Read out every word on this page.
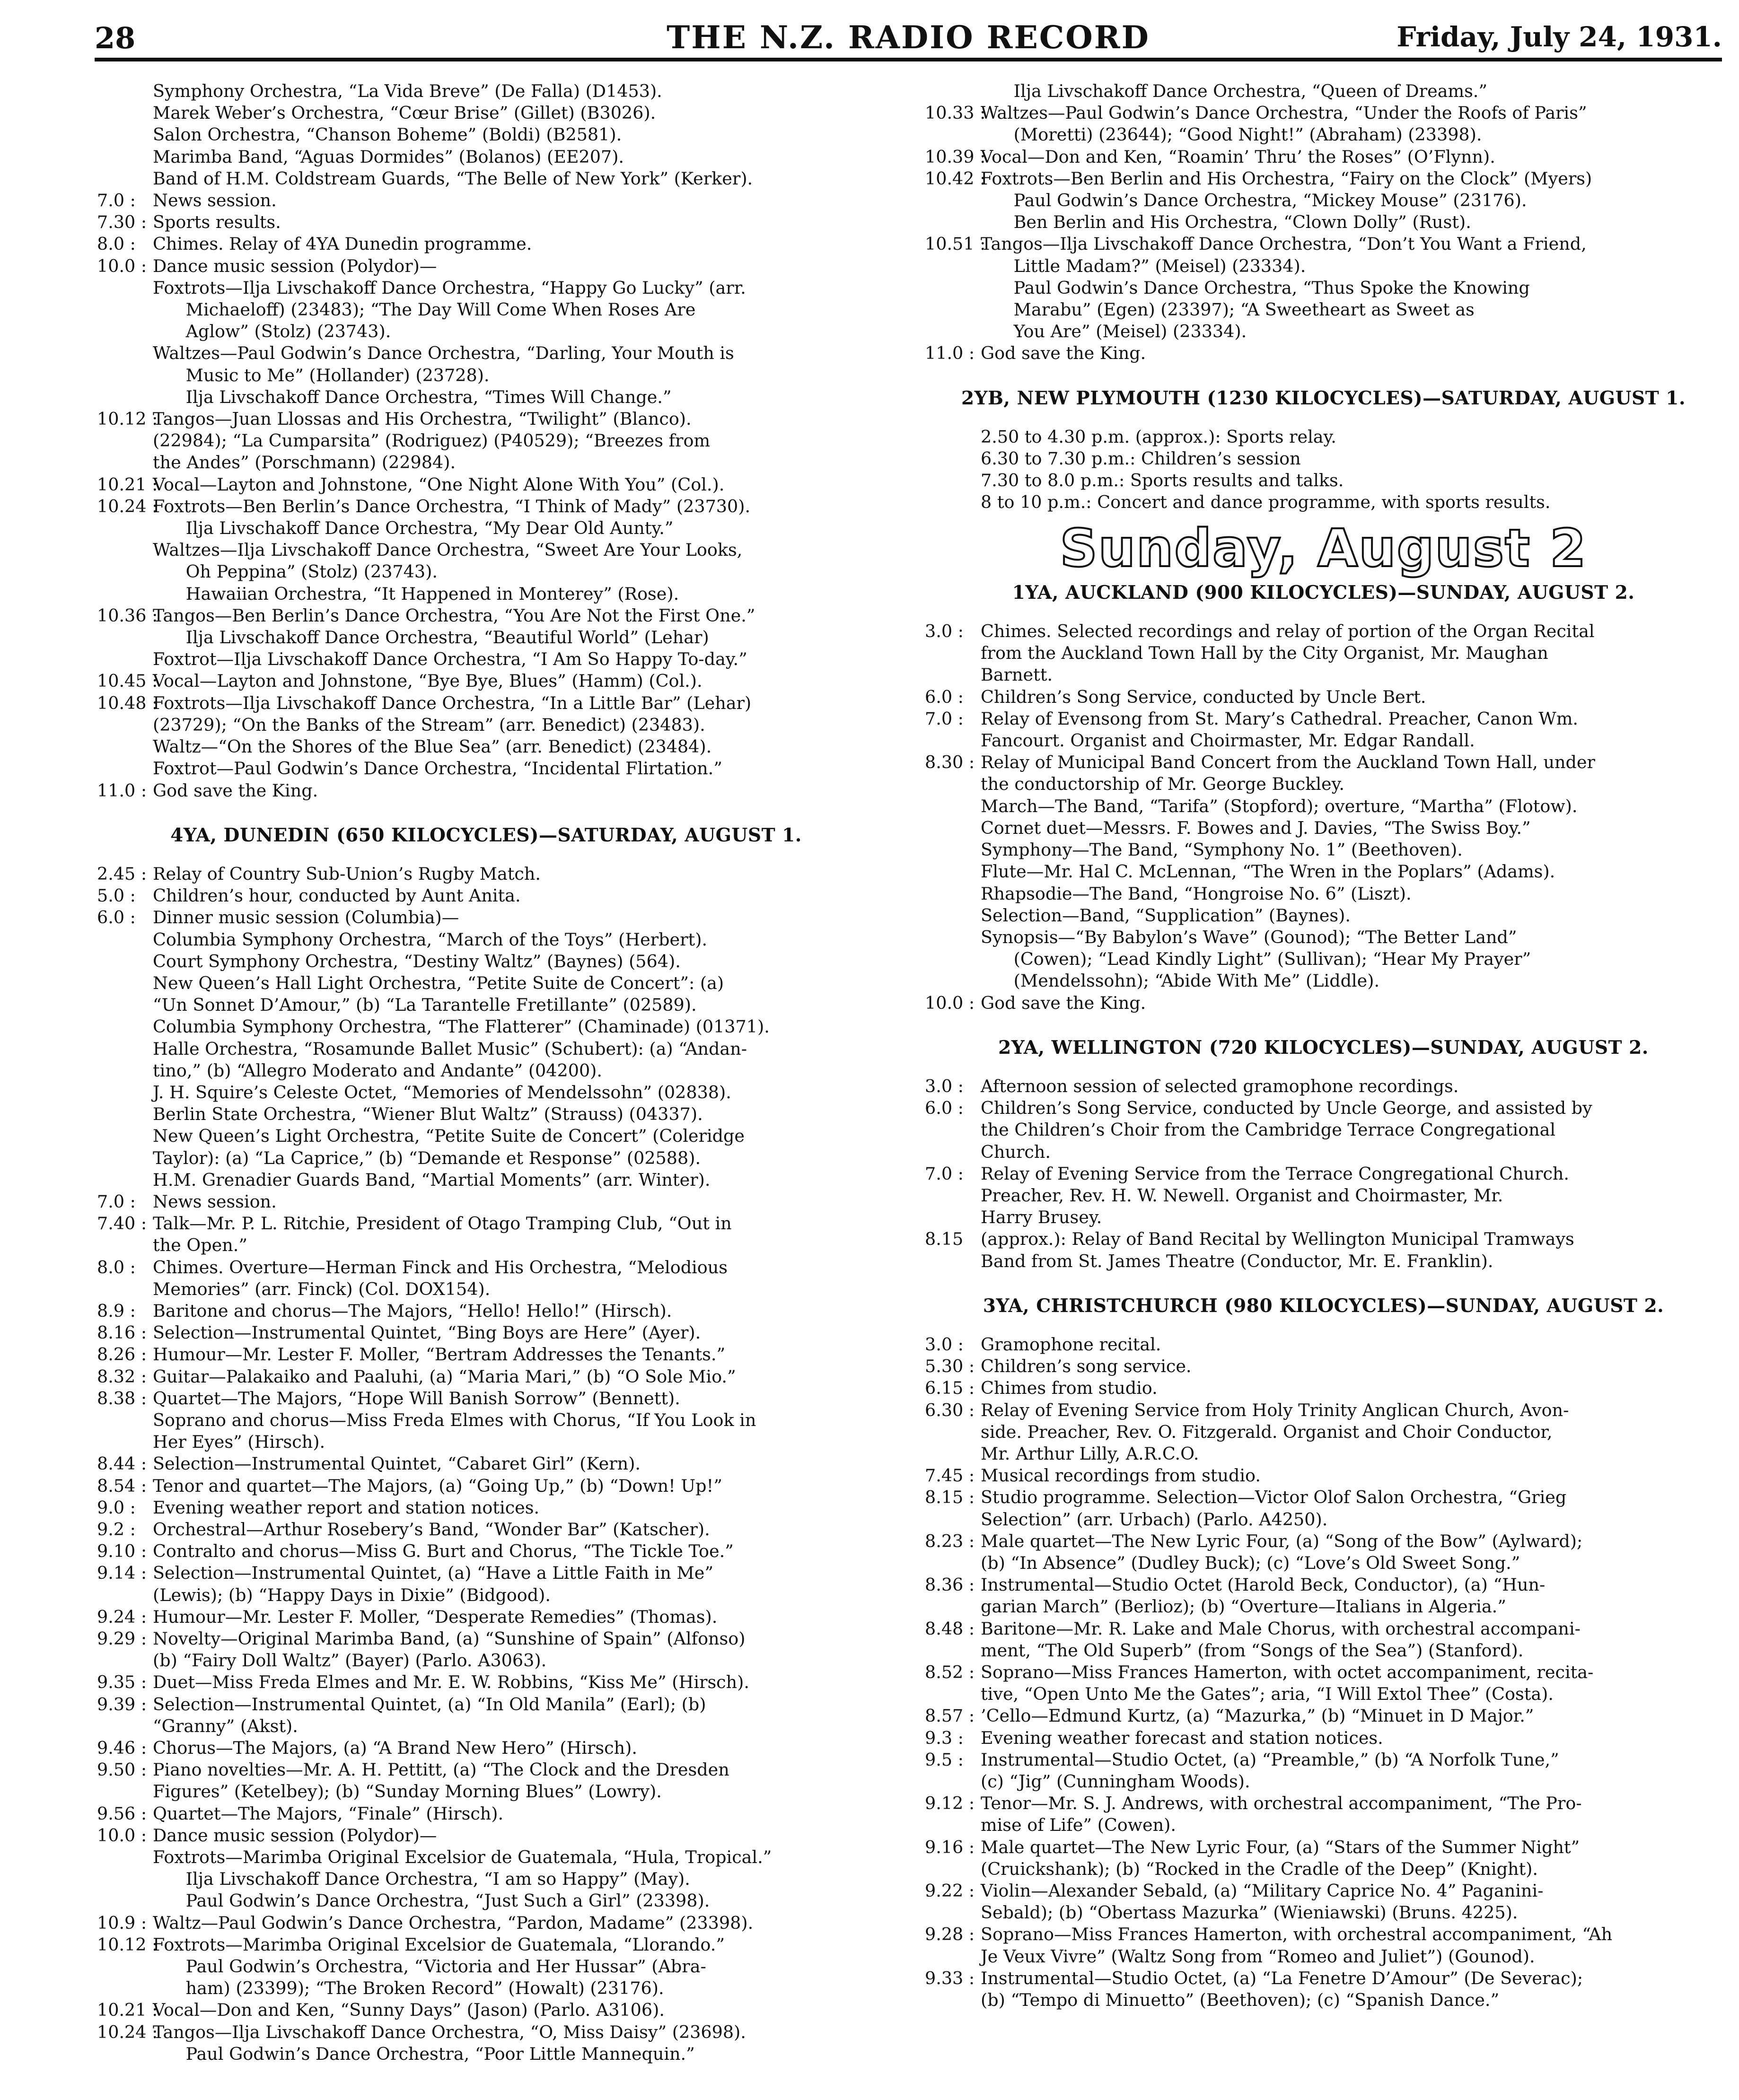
28	THE N.Z. RADIO RECORD	Friday, July 24, 1931.
Symphony Orchestra, “La Vida Breve” (De Falla) (D1453).
Marek Weber’s Orchestra, “Cœur Brise” (Gillet) (B3026).
Salon Orchestra, “Chanson Boheme” (Boldi) (B2581).
Marimba Band, “Aguas Dormides” (Bolanos) (EE207).
Band of H.M. Coldstream Guards, “The Belle of New York” (Kerker).
7.0 : News session.
7.30 : Sports results.
8.0 : Chimes. Relay of 4YA Dunedin programme.
10.0 : Dance music session (Polydor)—
Foxtrots—Ilja Livschakoff Dance Orchestra, “Happy Go Lucky” (arr.
Michaeloff) (23483); “The Day Will Come When Roses Are
Aglow” (Stolz) (23743).
Waltzes—Paul Godwin’s Dance Orchestra, “Darling, Your Mouth is
Music to Me” (Hollander) (23728).
Ilja Livschakoff Dance Orchestra, “Times Will Change.”
10.12 :
Tangos—Juan Llossas and His Orchestra, “Twilight” (Blanco).
(22984); “La Cumparsita” (Rodriguez) (P40529); “Breezes from
the Andes” (Porschmann) (22984).
10.21 :
Vocal—Layton and Johnstone, “One Night Alone With You” (Col.).
10.24 :
Foxtrots—Ben Berlin’s Dance Orchestra, “I Think of Mady” (23730).
Ilja Livschakoff Dance Orchestra, “My Dear Old Aunty.”
Waltzes—Ilja Livschakoff Dance Orchestra, “Sweet Are Your Looks,
Oh Peppina” (Stolz) (23743).
Hawaiian Orchestra, “It Happened in Monterey” (Rose).
10.36 :
Tangos—Ben Berlin’s Dance Orchestra, “You Are Not the First One.”
Ilja Livschakoff Dance Orchestra, “Beautiful World” (Lehar)
Foxtrot—Ilja Livschakoff Dance Orchestra, “I Am So Happy To-day.”
10.45 :
Vocal—Layton and Johnstone, “Bye Bye, Blues” (Hamm) (Col.).
10.48 :
Foxtrots—Ilja Livschakoff Dance Orchestra, “In a Little Bar” (Lehar)
(23729); “On the Banks of the Stream” (arr. Benedict) (23483).
Waltz—“On the Shores of the Blue Sea” (arr. Benedict) (23484).
Foxtrot—Paul Godwin’s Dance Orchestra, “Incidental Flirtation.”
11.0 : God save the King.
4YA, DUNEDIN (650 KILOCYCLES)—SATURDAY, AUGUST 1.
2.45 : Relay of Country Sub-Union’s Rugby Match.
5.0 : Children’s hour, conducted by Aunt Anita.
6.0 : Dinner music session (Columbia)—
Columbia Symphony Orchestra, “March of the Toys” (Herbert).
Court Symphony Orchestra, “Destiny Waltz” (Baynes) (564).
New Queen’s Hall Light Orchestra, “Petite Suite de Concert”: (a)
“Un Sonnet D’Amour,” (b) “La Tarantelle Fretillante” (02589).
Columbia Symphony Orchestra, “The Flatterer” (Chaminade) (01371).
Halle Orchestra, “Rosamunde Ballet Music” (Schubert): (a) “Andan-
tino,” (b) “Allegro Moderato and Andante” (04200).
J. H. Squire’s Celeste Octet, “Memories of Mendelssohn” (02838).
Berlin State Orchestra, “Wiener Blut Waltz” (Strauss) (04337).
New Queen’s Light Orchestra, “Petite Suite de Concert” (Coleridge
Taylor): (a) “La Caprice,” (b) “Demande et Response” (02588).
H.M. Grenadier Guards Band, “Martial Moments” (arr. Winter).
7.0 : News session.
7.40 : Talk—Mr. P. L. Ritchie, President of Otago Tramping Club, “Out in
the Open.”
8.0 : Chimes. Overture—Herman Finck and His Orchestra, “Melodious
Memories” (arr. Finck) (Col. DOX154).
8.9 : Baritone and chorus—The Majors, “Hello! Hello!” (Hirsch).
8.16 : Selection—Instrumental Quintet, “Bing Boys are Here” (Ayer).
8.26 : Humour—Mr. Lester F. Moller, “Bertram Addresses the Tenants.”
8.32 : Guitar—Palakaiko and Paaluhi, (a) “Maria Mari,” (b) “O Sole Mio.”
8.38 : Quartet—The Majors, “Hope Will Banish Sorrow” (Bennett).
Soprano and chorus—Miss Freda Elmes with Chorus, “If You Look in
Her Eyes” (Hirsch).
8.44 : Selection—Instrumental Quintet, “Cabaret Girl” (Kern).
8.54 : Tenor and quartet—The Majors, (a) “Going Up,” (b) “Down! Up!”
9.0 : Evening weather report and station notices.
9.2 : Orchestral—Arthur Rosebery’s Band, “Wonder Bar” (Katscher).
9.10 : Contralto and chorus—Miss G. Burt and Chorus, “The Tickle Toe.”
9.14 : Selection—Instrumental Quintet, (a) “Have a Little Faith in Me”
(Lewis); (b) “Happy Days in Dixie” (Bidgood).
9.24 : Humour—Mr. Lester F. Moller, “Desperate Remedies” (Thomas).
9.29 : Novelty—Original Marimba Band, (a) “Sunshine of Spain” (Alfonso)
(b) “Fairy Doll Waltz” (Bayer) (Parlo. A3063).
9.35 : Duet—Miss Freda Elmes and Mr. E. W. Robbins, “Kiss Me” (Hirsch).
9.39 : Selection—Instrumental Quintet, (a) “In Old Manila” (Earl); (b)
“Granny” (Akst).
9.46 : Chorus—The Majors, (a) “A Brand New Hero” (Hirsch).
9.50 : Piano novelties—Mr. A. H. Pettitt, (a) “The Clock and the Dresden
Figures” (Ketelbey); (b) “Sunday Morning Blues” (Lowry).
9.56 : Quartet—The Majors, “Finale” (Hirsch).
10.0 : Dance music session (Polydor)—
Foxtrots—Marimba Original Excelsior de Guatemala, “Hula, Tropical.”
Ilja Livschakoff Dance Orchestra, “I am so Happy” (May).
Paul Godwin’s Dance Orchestra, “Just Such a Girl” (23398).
10.9 : Waltz—Paul Godwin’s Dance Orchestra, “Pardon, Madame” (23398).
10.12 :
Foxtrots—Marimba Original Excelsior de Guatemala, “Llorando.”
Paul Godwin’s Orchestra, “Victoria and Her Hussar” (Abra-
ham) (23399); “The Broken Record” (Howalt) (23176).
10.21 :
Vocal—Don and Ken, “Sunny Days” (Jason) (Parlo. A3106).
10.24 :
Tangos—Ilja Livschakoff Dance Orchestra, “O, Miss Daisy” (23698).
Paul Godwin’s Dance Orchestra, “Poor Little Mannequin.”
Ilja Livschakoff Dance Orchestra, “Queen of Dreams.”
10.33 :
Waltzes—Paul Godwin’s Dance Orchestra, “Under the Roofs of Paris”
(Moretti) (23644); “Good Night!” (Abraham) (23398).
10.39 :
Vocal—Don and Ken, “Roamin’ Thru’ the Roses” (O’Flynn).
10.42 :
Foxtrots—Ben Berlin and His Orchestra, “Fairy on the Clock” (Myers)
Paul Godwin’s Dance Orchestra, “Mickey Mouse” (23176).
Ben Berlin and His Orchestra, “Clown Dolly” (Rust).
10.51 :
Tangos—Ilja Livschakoff Dance Orchestra, “Don’t You Want a Friend,
Little Madam?” (Meisel) (23334).
Paul Godwin’s Dance Orchestra, “Thus Spoke the Knowing
Marabu” (Egen) (23397); “A Sweetheart as Sweet as
You Are” (Meisel) (23334).
11.0 : God save the King.
2YB, NEW PLYMOUTH (1230 KILOCYCLES)—SATURDAY, AUGUST 1.
2.50 to 4.30 p.m. (approx.): Sports relay.
6.30 to 7.30 p.m.: Children’s session
7.30 to 8.0 p.m.: Sports results and talks.
8 to 10 p.m.: Concert and dance programme, with sports results.
Sunday, August 2
1YA, AUCKLAND (900 KILOCYCLES)—SUNDAY, AUGUST 2.
3.0 : Chimes. Selected recordings and relay of portion of the Organ Recital
from the Auckland Town Hall by the City Organist, Mr. Maughan
Barnett.
6.0 : Children’s Song Service, conducted by Uncle Bert.
7.0 : Relay of Evensong from St. Mary’s Cathedral. Preacher, Canon Wm.
Fancourt. Organist and Choirmaster, Mr. Edgar Randall.
8.30 : Relay of Municipal Band Concert from the Auckland Town Hall, under
the conductorship of Mr. George Buckley.
March—The Band, “Tarifa” (Stopford); overture, “Martha” (Flotow).
Cornet duet—Messrs. F. Bowes and J. Davies, “The Swiss Boy.”
Symphony—The Band, “Symphony No. 1” (Beethoven).
Flute—Mr. Hal C. McLennan, “The Wren in the Poplars” (Adams).
Rhapsodie—The Band, “Hongroise No. 6” (Liszt).
Selection—Band, “Supplication” (Baynes).
Synopsis—“By Babylon’s Wave” (Gounod); “The Better Land”
(Cowen); “Lead Kindly Light” (Sullivan); “Hear My Prayer”
(Mendelssohn); “Abide With Me” (Liddle).
10.0 : God save the King.
2YA, WELLINGTON (720 KILOCYCLES)—SUNDAY, AUGUST 2.
3.0 : Afternoon session of selected gramophone recordings.
6.0 : Children’s Song Service, conducted by Uncle George, and assisted by
the Children’s Choir from the Cambridge Terrace Congregational
Church.
7.0 : Relay of Evening Service from the Terrace Congregational Church.
Preacher, Rev. H. W. Newell. Organist and Choirmaster, Mr.
Harry Brusey.
8.15	(approx.): Relay of Band Recital by Wellington Municipal Tramways
Band from St. James Theatre (Conductor, Mr. E. Franklin).
3YA, CHRISTCHURCH (980 KILOCYCLES)—SUNDAY, AUGUST 2.
3.0 : Gramophone recital.
5.30 : Children’s song service.
6.15 : Chimes from studio.
6.30 : Relay of Evening Service from Holy Trinity Anglican Church, Avon-
side. Preacher, Rev. O. Fitzgerald. Organist and Choir Conductor,
Mr. Arthur Lilly, A.R.C.O.
7.45 : Musical recordings from studio.
8.15 : Studio programme. Selection—Victor Olof Salon Orchestra, “Grieg
Selection” (arr. Urbach) (Parlo. A4250).
8.23 : Male quartet—The New Lyric Four, (a) “Song of the Bow” (Aylward);
(b) “In Absence” (Dudley Buck); (c) “Love’s Old Sweet Song.”
8.36 : Instrumental—Studio Octet (Harold Beck, Conductor), (a) “Hun-
garian March” (Berlioz); (b) “Overture—Italians in Algeria.”
8.48 : Baritone—Mr. R. Lake and Male Chorus, with orchestral accompani-
ment, “The Old Superb” (from “Songs of the Sea”) (Stanford).
8.52 : Soprano—Miss Frances Hamerton, with octet accompaniment, recita-
tive, “Open Unto Me the Gates”; aria, “I Will Extol Thee” (Costa).
8.57 : ’Cello—Edmund Kurtz, (a) “Mazurka,” (b) “Minuet in D Major.”
9.3 : Evening weather forecast and station notices.
9.5 : Instrumental—Studio Octet, (a) “Preamble,” (b) “A Norfolk Tune,”
(c) “Jig” (Cunningham Woods).
9.12 : Tenor—Mr. S. J. Andrews, with orchestral accompaniment, “The Pro-
mise of Life” (Cowen).
9.16 : Male quartet—The New Lyric Four, (a) “Stars of the Summer Night”
(Cruickshank); (b) “Rocked in the Cradle of the Deep” (Knight).
9.22 : Violin—Alexander Sebald, (a) “Military Caprice No. 4” Paganini-
Sebald); (b) “Obertass Mazurka” (Wieniawski) (Bruns. 4225).
9.28 : Soprano—Miss Frances Hamerton, with orchestral accompaniment, “Ah
Je Veux Vivre” (Waltz Song from “Romeo and Juliet”) (Gounod).
9.33 : Instrumental—Studio Octet, (a) “La Fenetre D’Amour” (De Severac);
(b) “Tempo di Minuetto” (Beethoven); (c) “Spanish Dance.”
